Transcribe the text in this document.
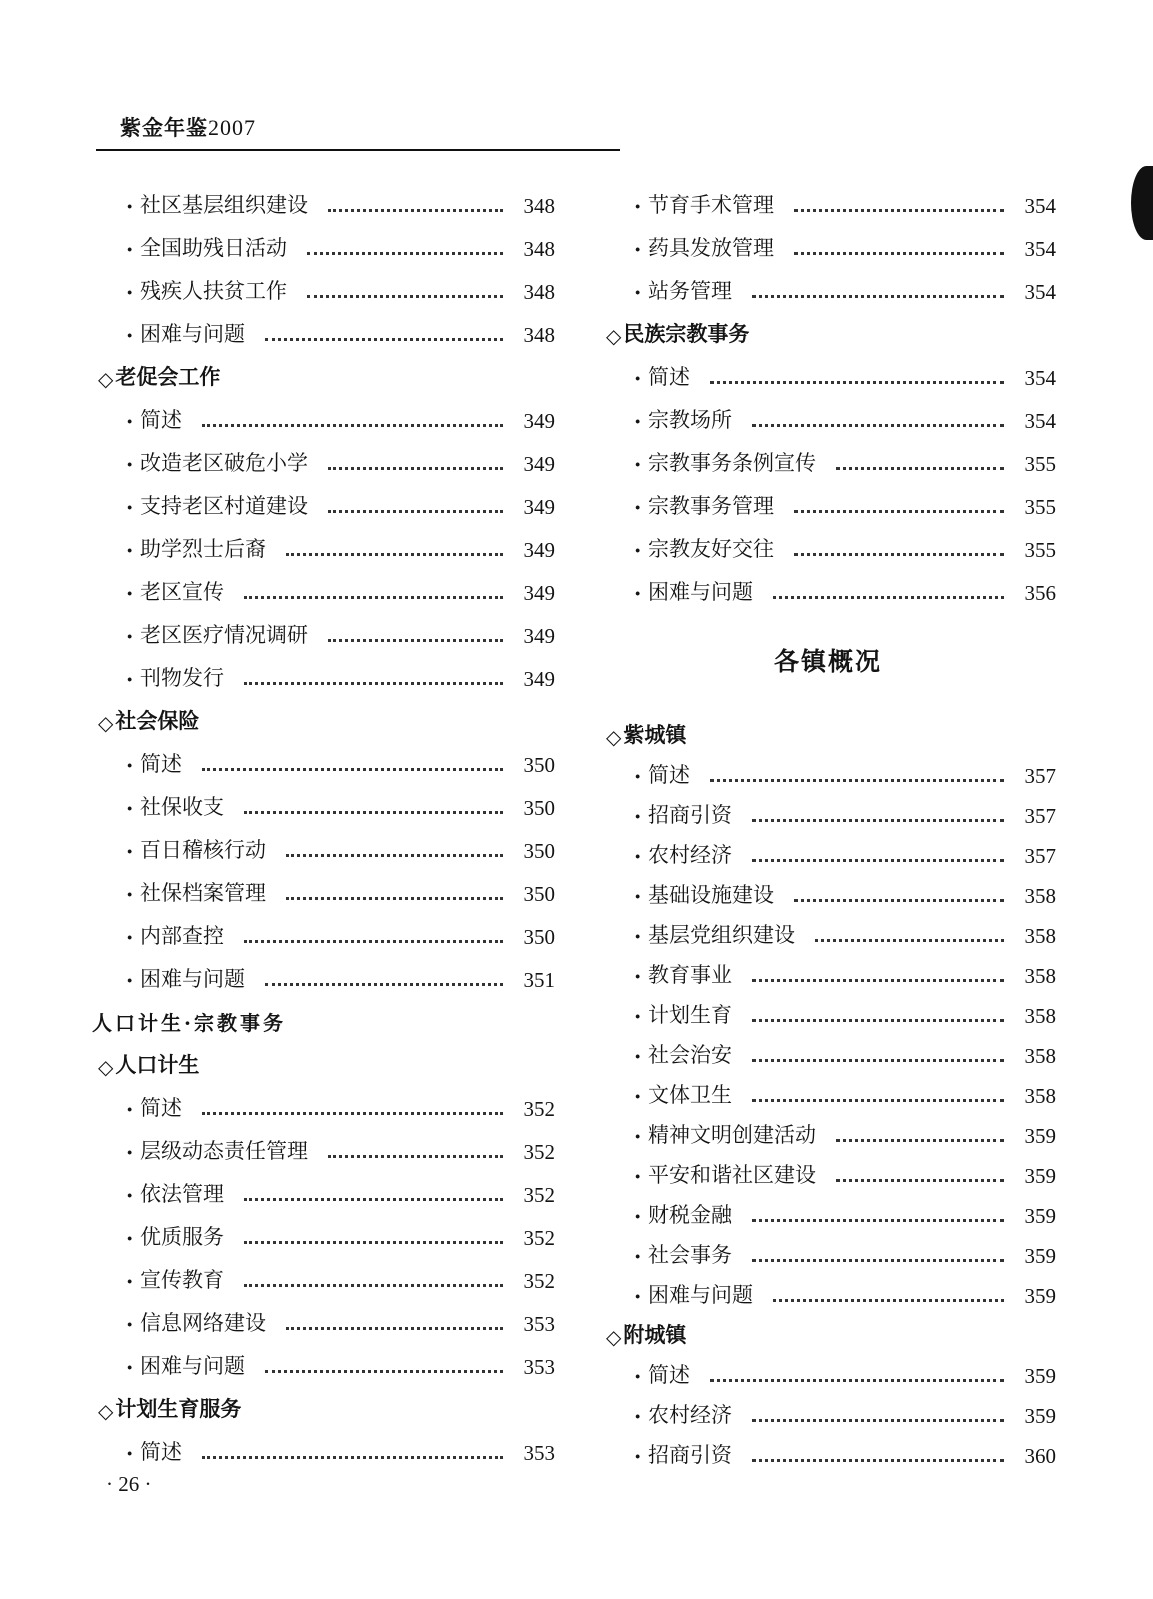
紫金年鉴2007
· 社区基层组织建设	348
· 全国助残日活动	348
· 残疾人扶贫工作	348
· 困难与问题	348
◇ 老促会工作
· 简述	349
· 改造老区破危小学	349
· 支持老区村道建设	349
· 助学烈士后裔	349
· 老区宣传	349
· 老区医疗情况调研	349
· 刊物发行	349
◇ 社会保险
· 简述	350
· 社保收支	350
· 百日稽核行动	350
· 社保档案管理	350
· 内部查控	350
· 困难与问题	351
人口计生·宗教事务
◇ 人口计生
· 简述	352
· 层级动态责任管理	352
· 依法管理	352
· 优质服务	352
· 宣传教育	352
· 信息网络建设	353
· 困难与问题	353
◇ 计划生育服务
· 简述	353
· 节育手术管理	354
· 药具发放管理	354
· 站务管理	354
◇ 民族宗教事务
· 简述	354
· 宗教场所	354
· 宗教事务条例宣传	355
· 宗教事务管理	355
· 宗教友好交往	355
· 困难与问题	356
各镇概况
◇ 紫城镇
· 简述	357
· 招商引资	357
· 农村经济	357
· 基础设施建设	358
· 基层党组织建设	358
· 教育事业	358
· 计划生育	358
· 社会治安	358
· 文体卫生	358
· 精神文明创建活动	359
· 平安和谐社区建设	359
· 财税金融	359
· 社会事务	359
· 困难与问题	359
◇ 附城镇
· 简述	359
· 农村经济	359
· 招商引资	360
· 26 ·
